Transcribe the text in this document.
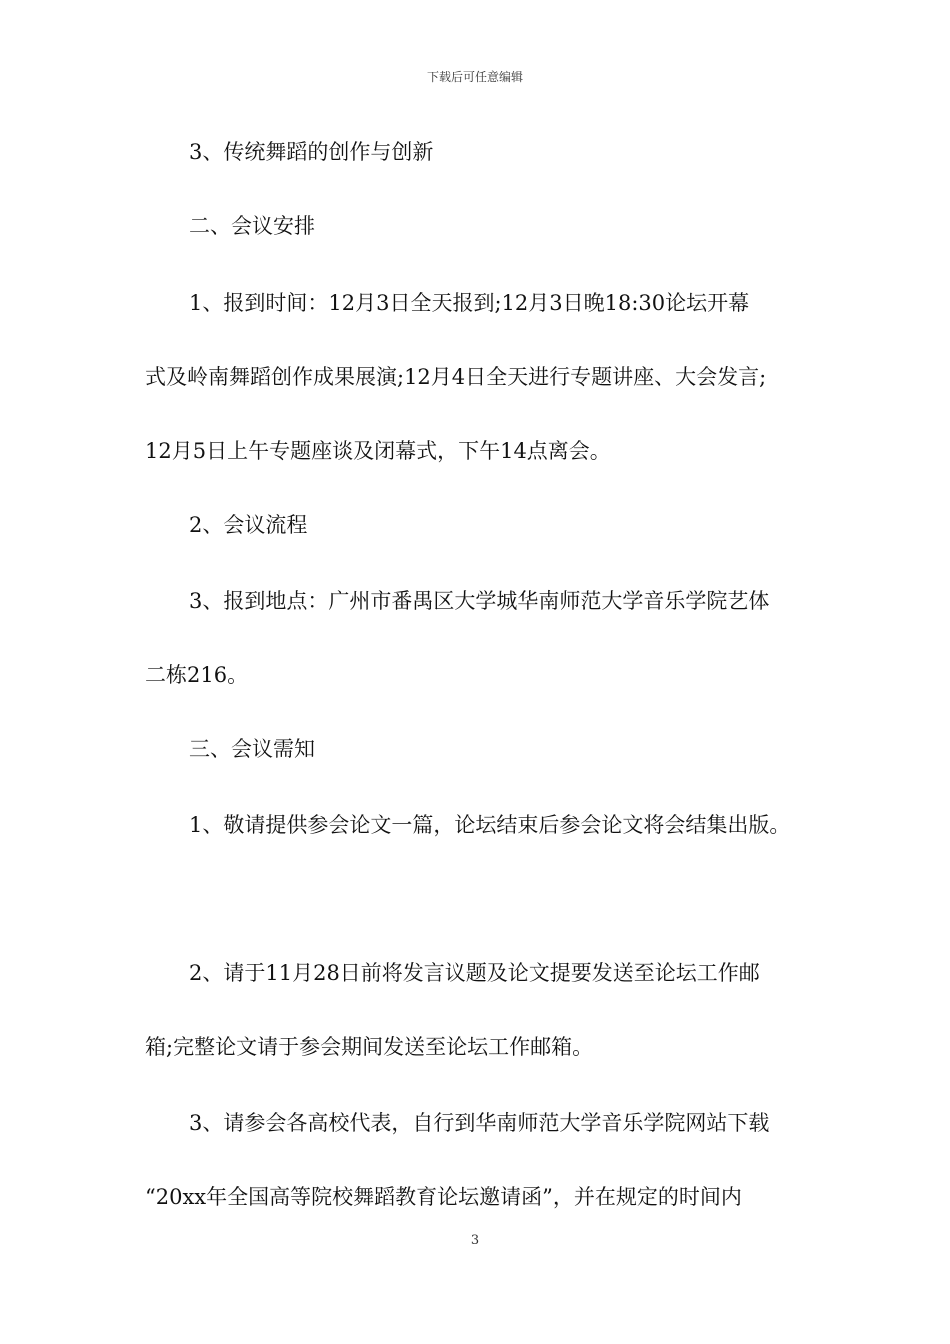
下载后可任意编辑
3、传统舞蹈的创作与创新
二、会议安排
1、报到时间：12月3日全天报到;12月3日晚18:30论坛开幕
式及岭南舞蹈创作成果展演;12月4日全天进行专题讲座、大会发言;
12月5日上午专题座谈及闭幕式，下午14点离会。
2、会议流程
3、报到地点：广州市番禺区大学城华南师范大学音乐学院艺体
二栋216。
三、会议需知
1、敬请提供参会论文一篇，论坛结束后参会论文将会结集出版。
2、请于11月28日前将发言议题及论文提要发送至论坛工作邮
箱;完整论文请于参会期间发送至论坛工作邮箱。
3、请参会各高校代表，自行到华南师范大学音乐学院网站下载
“20xx年全国高等院校舞蹈教育论坛邀请函”，并在规定的时间内
3
